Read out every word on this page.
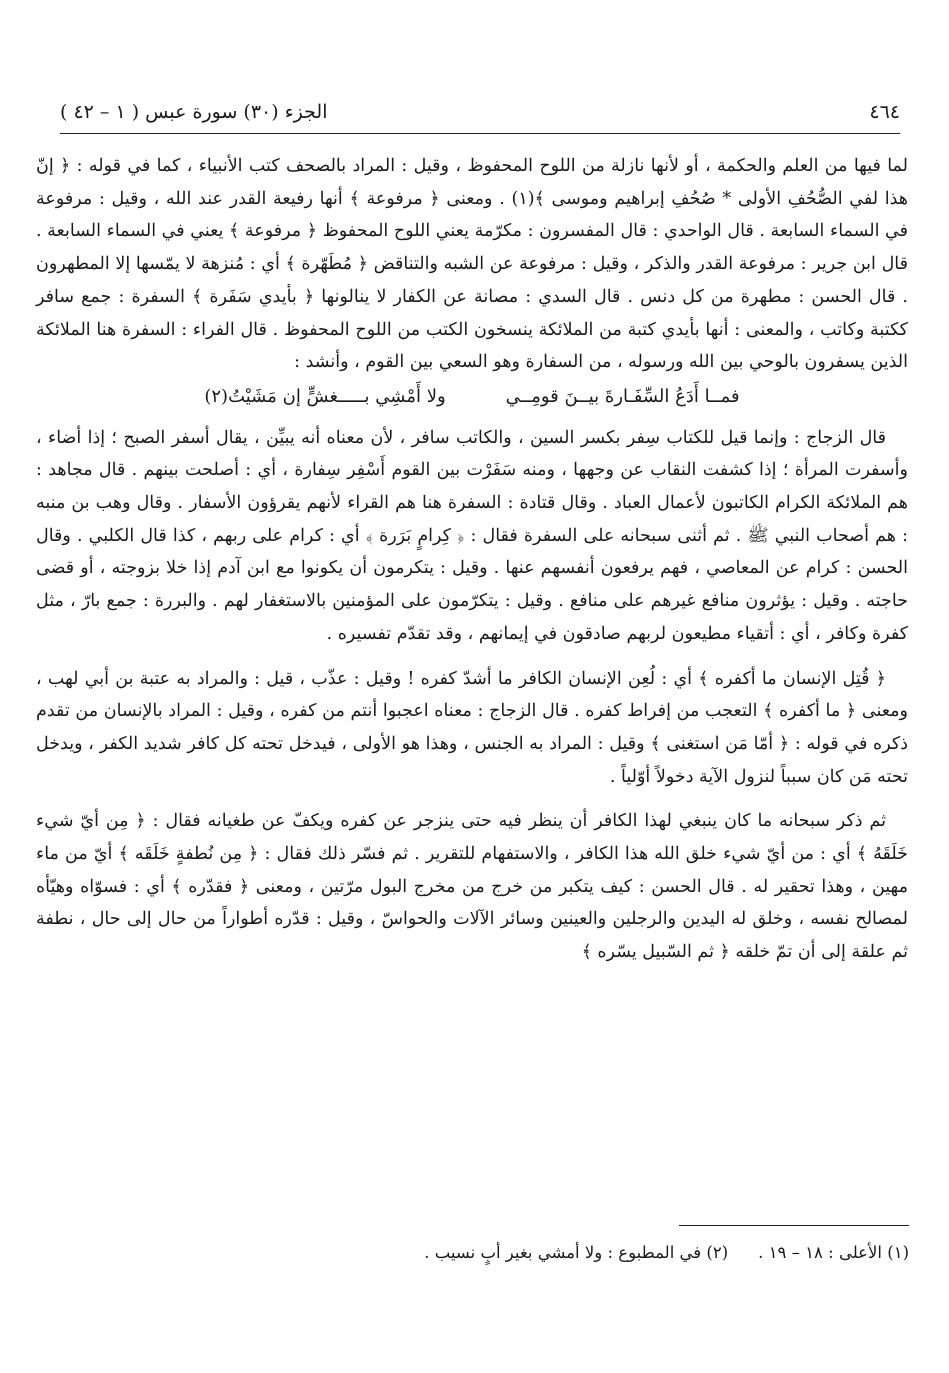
٤٦٤
الجزء (٣٠) سورة عبس ( ١ – ٤٢ )

لما فيها من العلم والحكمة ، أو لأنها نازلة من اللوح المحفوظ ، وقيل : المراد بالصحف كتب الأنبياء ، كما في قوله : ﴿ إنّ هذا لفي الصُّحُفِ الأولى * صُحُفِ إبراهيم وموسى ﴾(١) . ومعنى ﴿ مرفوعة ﴾ أنها رفيعة القدر عند الله ، وقيل : مرفوعة في السماء السابعة . قال الواحدي : قال المفسرون : مكرّمة يعني اللوح المحفوظ ﴿ مرفوعة ﴾ يعني في السماء السابعة . قال ابن جرير : مرفوعة القدر والذكر ، وقيل : مرفوعة عن الشبه والتناقض ﴿ مُطَهّرة ﴾ أي : مُنزهة لا يمّسها إلا المطهرون . قال الحسن : مطهرة من كل دنس . قال السدي : مصانة عن الكفار لا ينالونها ﴿ بأيدي سَفَرة ﴾ السفرة : جمع سافر ككتبة وكاتب ، والمعنى : أنها بأيدي كتبة من الملائكة ينسخون الكتب من اللوح المحفوظ . قال الفراء : السفرة هنا الملائكة الذين يسفرون بالوحي بين الله ورسوله ، من السفارة وهو السعي بين القوم ، وأنشد :

فمــا أَدَعُ السِّفَـارةَ بيــنَ قومِــي
ولا أَمْشِي بـــــغشٍّ إن مَشَيْتُ(٢)

قال الزجاج : وإنما قيل للكتاب سِفر بكسر السين ، والكاتب سافر ، لأن معناه أنه يبيِّن ، يقال أسفر الصبح ؛ إذا أضاء ، وأسفرت المرأة ؛ إذا كشفت النقاب عن وجهها ، ومنه سَفَرْت بين القوم أَسْفِر سِفارة ، أي : أصلحت بينهم . قال مجاهد : هم الملائكة الكرام الكاتبون لأعمال العباد . وقال قتادة : السفرة هنا هم القراء لأنهم يقرؤون الأسفار . وقال وهب بن منبه : هم أصحاب النبي ﷺ . ثم أثنى سبحانه على السفرة فقال : ﴿ كِرامٍ بَرَرة ﴾ أي : كرام على ربهم ، كذا قال الكلبي . وقال الحسن : كرام عن المعاصي ، فهم يرفعون أنفسهم عنها . وقيل : يتكرمون أن يكونوا مع ابن آدم إذا خلا بزوجته ، أو قضى حاجته . وقيل : يؤثرون منافع غيرهم على منافع . وقيل : يتكرّمون على المؤمنين بالاستغفار لهم . والبررة : جمع بارّ ، مثل كفرة وكافر ، أي : أتقياء مطيعون لربهم صادقون في إيمانهم ، وقد تقدّم تفسيره .

﴿ قُتِل الإنسان ما أكفره ﴾ أي : لُعِن الإنسان الكافر ما أشدّ كفره ! وقيل : عذّب ، قيل : والمراد به عتبة بن أبي لهب ، ومعنى ﴿ ما أكفره ﴾ التعجب من إفراط كفره . قال الزجاج : معناه اعجبوا أنتم من كفره ، وقيل : المراد بالإنسان من تقدم ذكره في قوله : ﴿ أمّا مَن استغنى ﴾ وقيل : المراد به الجنس ، وهذا هو الأولى ، فيدخل تحته كل كافر شديد الكفر ، ويدخل تحته مَن كان سبباً لنزول الآية دخولاً أوّلياً .

ثم ذكر سبحانه ما كان ينبغي لهذا الكافر أن ينظر فيه حتى ينزجر عن كفره ويكفّ عن طغيانه فقال : ﴿ مِن أيّ شيء خَلَقَهُ ﴾ أي : من أيّ شيء خلق الله هذا الكافر ، والاستفهام للتقرير . ثم فسّر ذلك فقال : ﴿ مِن نُطفةٍ خَلَقَه ﴾ أيّ من ماء مهين ، وهذا تحقير له . قال الحسن : كيف يتكبر من خرج من مخرج البول مرّتين ، ومعنى ﴿ فقدّره ﴾ أي : فسوّاه وهيّأه لمصالح نفسه ، وخلق له اليدين والرجلين والعينين وسائر الآلات والحواسّ ، وقيل : قدّره أطواراً من حال إلى حال ، نطفة ثم علقة إلى أن تمّ خلقه ﴿ ثم السّبيل يسّره ﴾

(١) الأعلى : ١٨ – ١٩ .
(٢) في المطبوع : ولا أمشي بغير أبٍ نسيب .
